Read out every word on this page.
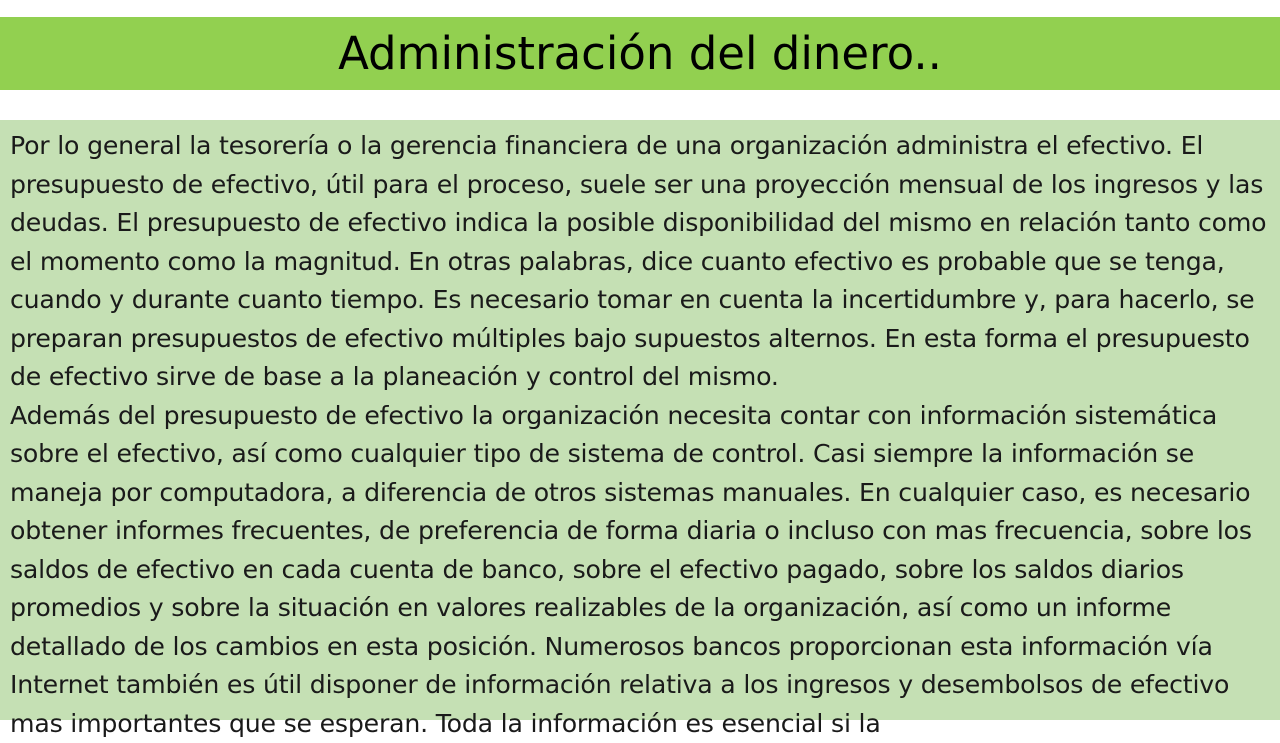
Administración del dinero..

Por lo general la tesorería o la gerencia financiera de una organización administra el efectivo. El presupuesto de efectivo, útil para el proceso, suele ser una proyección mensual de los ingresos y las deudas. El presupuesto de efectivo indica la posible disponibilidad del mismo en relación tanto como el momento como la magnitud. En otras palabras, dice cuanto efectivo es probable que se tenga, cuando y durante cuanto tiempo. Es necesario tomar en cuenta la incertidumbre y, para hacerlo, se preparan presupuestos de efectivo múltiples bajo supuestos alternos. En esta forma el presupuesto de efectivo sirve de base a la planeación y control del mismo.

Además del presupuesto de efectivo la organización necesita contar con información sistemática sobre el efectivo, así como cualquier tipo de sistema de control. Casi siempre la información se maneja por computadora, a diferencia de otros sistemas manuales. En cualquier caso, es necesario obtener informes frecuentes, de preferencia de forma diaria o incluso con mas frecuencia, sobre los saldos de efectivo en cada cuenta de banco, sobre el efectivo pagado, sobre los saldos diarios promedios y sobre la situación en valores realizables de la organización, así como un informe detallado de los cambios en esta posición. Numerosos bancos proporcionan esta información vía Internet también es útil disponer de información relativa a los ingresos y desembolsos de efectivo mas importantes que se esperan. Toda la información es esencial si la
